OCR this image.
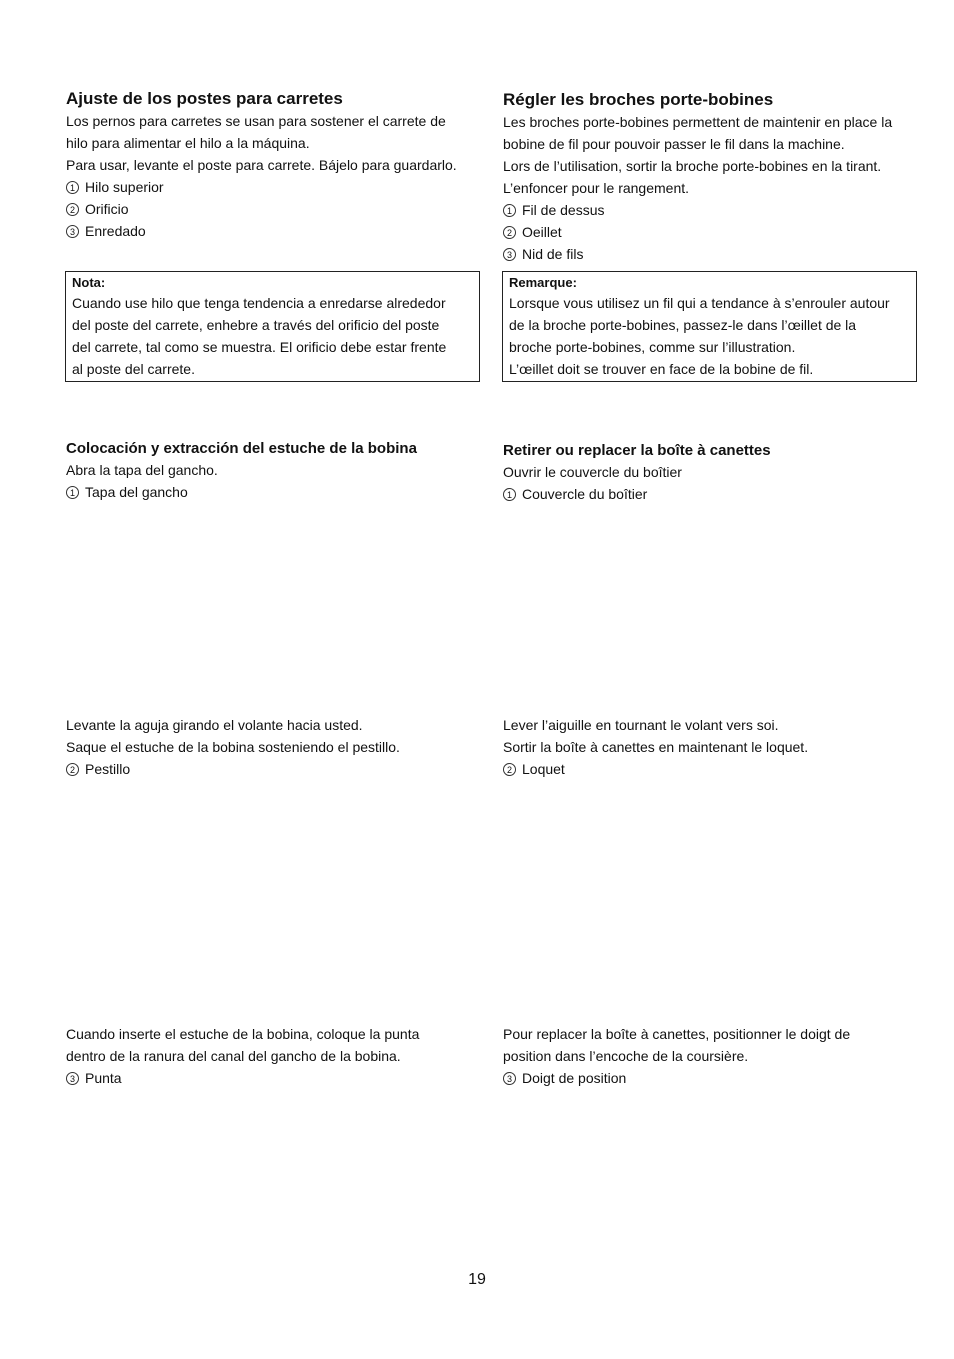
Ajuste de los postes para carretes
Los pernos para carretes se usan para sostener el carrete de
hilo para alimentar el hilo a la máquina.
Para usar, levante el poste para carrete. Bájelo para guardarlo.
1 Hilo superior
2 Orificio
3 Enredado
Nota:
Cuando use hilo que tenga tendencia a enredarse alrededor
del poste del carrete, enhebre a través del orificio del poste
del carrete, tal como se muestra. El orificio debe estar frente
al poste del carrete.
Régler les broches porte-bobines
Les broches porte-bobines permettent de maintenir en place la
bobine de fil pour pouvoir passer le fil dans la machine.
Lors de l’utilisation, sortir la broche porte-bobines en la tirant.
L’enfoncer pour le rangement.
1 Fil de dessus
2 Oeillet
3 Nid de fils
Remarque:
Lorsque vous utilisez un fil qui a tendance à s’enrouler autour
de la broche porte-bobines, passez-le dans l’œillet de la
broche porte-bobines, comme sur l’illustration.
L’œillet doit se trouver en face de la bobine de fil.
Colocación y extracción del estuche de la bobina
Abra la tapa del gancho.
1 Tapa del gancho
Levante la aguja girando el volante hacia usted.
Saque el estuche de la bobina sosteniendo el pestillo.
2 Pestillo
Cuando inserte el estuche de la bobina, coloque la punta
dentro de la ranura del canal del gancho de la bobina.
3 Punta
Retirer ou replacer la boîte à canettes
Ouvrir le couvercle du boîtier
1 Couvercle du boîtier
Lever l’aiguille en tournant le volant vers soi.
Sortir la boîte à canettes en maintenant le loquet.
2 Loquet
Pour replacer la boîte à canettes, positionner le doigt de
position dans l’encoche de la coursière.
3 Doigt de position
19
